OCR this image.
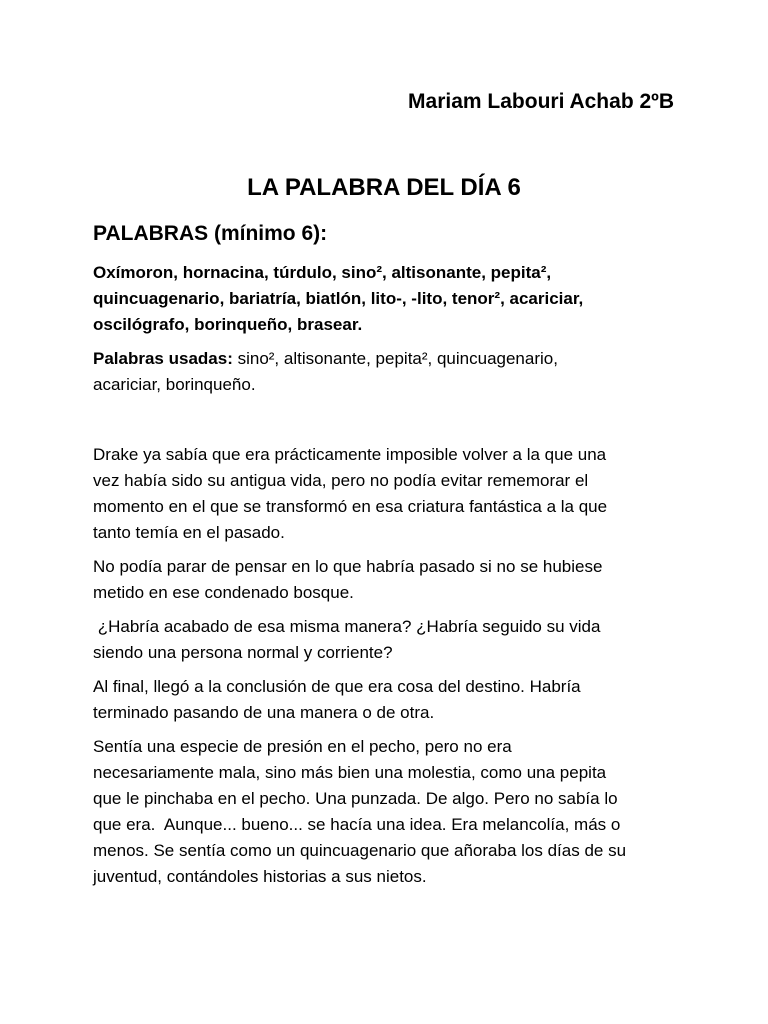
Mariam Labouri Achab 2ºB
LA PALABRA DEL DÍA 6
PALABRAS (mínimo 6):
Oxímoron, hornacina, túrdulo, sino², altisonante, pepita²,
quincuagenario, bariatría, biatlón, lito-, -lito, tenor², acariciar,
oscilógrafo, borinqueño, brasear.
Palabras usadas: sino², altisonante, pepita², quincuagenario,
acariciar, borinqueño.
Drake ya sabía que era prácticamente imposible volver a la que una
vez había sido su antigua vida, pero no podía evitar rememorar el
momento en el que se transformó en esa criatura fantástica a la que
tanto temía en el pasado.
No podía parar de pensar en lo que habría pasado si no se hubiese
metido en ese condenado bosque.
¿Habría acabado de esa misma manera? ¿Habría seguido su vida
siendo una persona normal y corriente?
Al final, llegó a la conclusión de que era cosa del destino. Habría
terminado pasando de una manera o de otra.
Sentía una especie de presión en el pecho, pero no era
necesariamente mala, sino más bien una molestia, como una pepita
que le pinchaba en el pecho. Una punzada. De algo. Pero no sabía lo
que era.  Aunque... bueno... se hacía una idea. Era melancolía, más o
menos. Se sentía como un quincuagenario que añoraba los días de su
juventud, contándoles historias a sus nietos.
